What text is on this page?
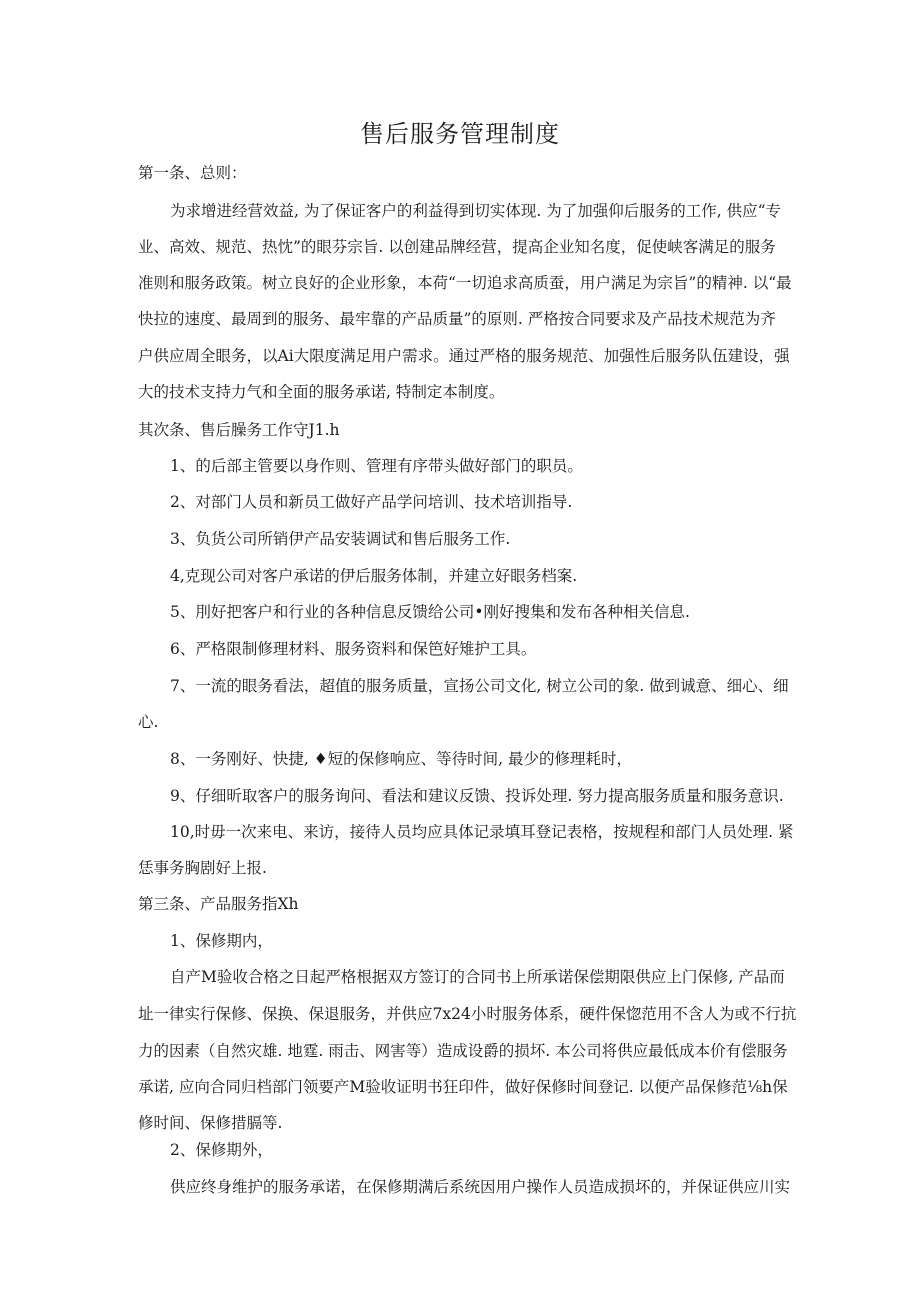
售后服务管理制度
第一条、总则：
为求增进经营效益, 为了保证客户的利益得到切实体现. 为了加强仰后服务的工作, 供应“专
业、高效、规范、热忱”的眼芬宗旨. 以创建品牌经营，提高企业知名度，促使峡客满足的服务
准则和服务政策。树立良好的企业形象，本荷“一切追求高质蚕，用户满足为宗旨”的精神. 以“最
快拉的速度、最周到的服务、最牢靠的产品质量”的原则. 严格按合同要求及产品技术规范为齐
户供应周全眼务，以Ai大限度满足用户需求。通过严格的服务规范、加强性后服务队伍建设，强
大的技术支持力气和全面的服务承诺, 特制定本制度。
其次条、售后臊务工作守J1.h
1、的后部主管要以身作则、管理有序带头做好部门的职员。
2、对部门人员和新员工做好产品学问培训、技术培训指导.
3、负货公司所销伊产品安装调试和售后服务工作.
4,克现公司对客户承诺的伊后服务体制，并建立好眼务档案.
5、刖好把客户和行业的各种信息反馈给公司•刚好搜集和发布各种相关信息.
6、严格限制修理材料、服务资料和保笆好雉护工具。
7、一流的眼务看法，超值的服务质量，宣扬公司文化, 树立公司的象. 做到诚意、细心、细
心.
8、一务刚好、快捷, ♦短的保修响应、等待时间, 最少的修理耗时，
9、仔细昕取客户的服务询问、看法和建议反馈、投诉处理. 努力提高服务质量和服务意识.
10,时毋一次来电、来访，接待人员均应具体记录填耳登记表格，按规程和部门人员处理. 紧
恁事务胸剧好上报.
第三条、产品服务指Xh
1、保修期内，
自产M验收合格之日起严格根据双方签订的合同书上所承诺保偿期限供应上门保修, 产品而
址一律实行保修、保换、保退服务，并供应7x24小时服务体系，硬件保惚范用不含人为或不行抗
力的因素（自然灾雄. 地霆. 雨击、网害等）造成设爵的损坏. 本公司将供应最低成本价有偿服务
承诺, 应向合同归档部门领要产M验收证明书狂印件，做好保修时间登记. 以便产品保修范⅛h保
修时间、保修措膈等.
2、保修期外，
供应终身维护的服务承诺，在保修期满后系统因用户操作人员造成损坏的，并保证供应川实
